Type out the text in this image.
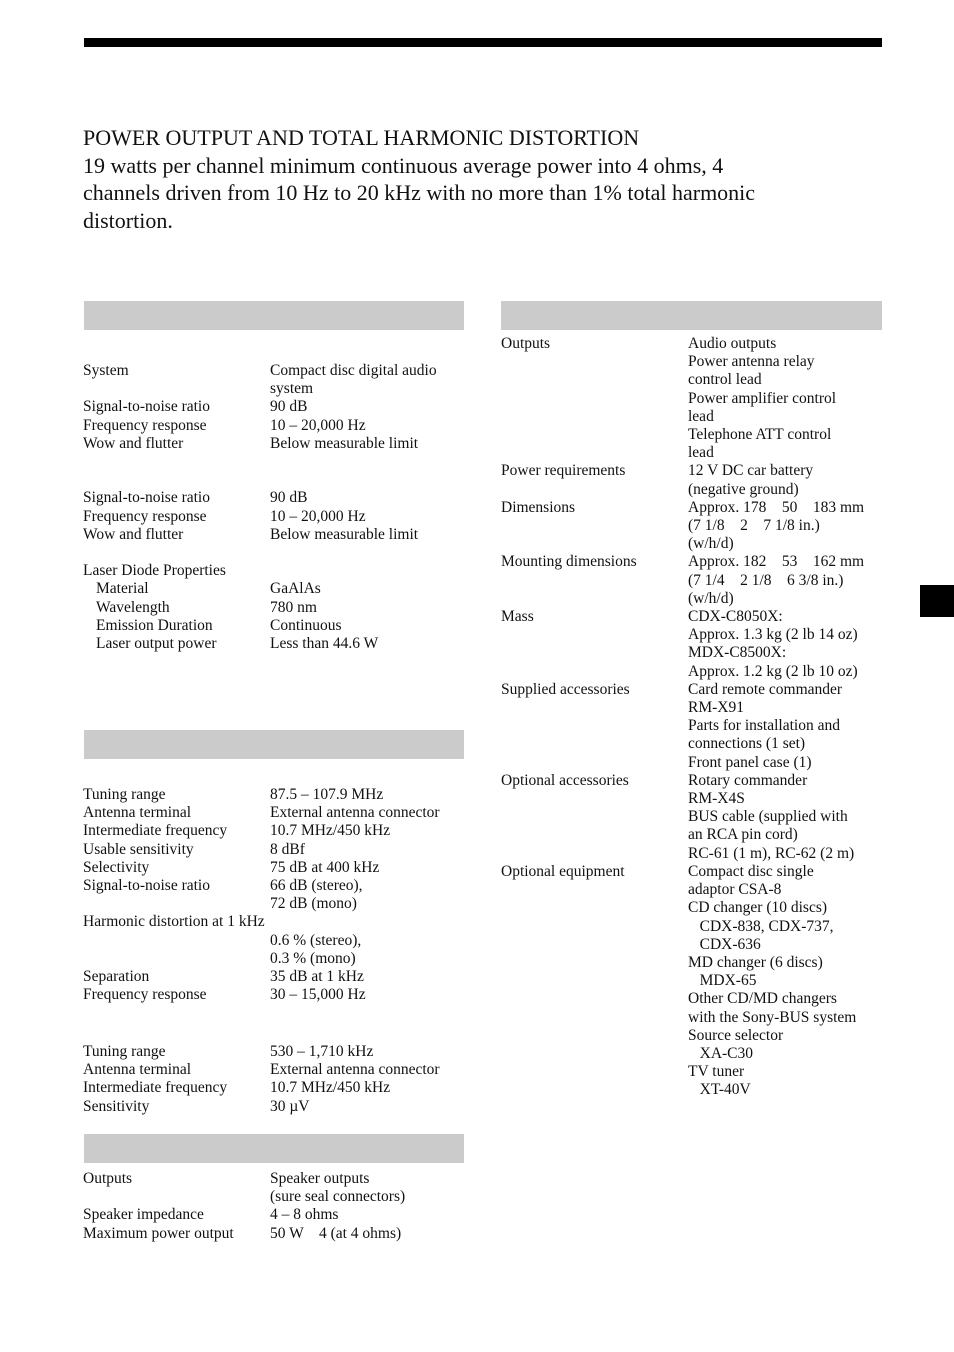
POWER OUTPUT AND TOTAL HARMONIC DISTORTION
19 watts per channel minimum continuous average power into 4 ohms, 4
channels driven from 10 Hz to 20 kHz with no more than 1% total harmonic
distortion.
System	Compact disc digital audio
system
Signal-to-noise ratio	90 dB
Frequency response	10 – 20,000 Hz
Wow and flutter	Below measurable limit
Signal-to-noise ratio	90 dB
Frequency response	10 – 20,000 Hz
Wow and flutter	Below measurable limit
Laser Diode Properties
Material	GaAlAs
Wavelength	780 nm
Emission Duration	Continuous
Laser output power	Less than 44.6 W
Tuning range	87.5 – 107.9 MHz
Antenna terminal	External antenna connector
Intermediate frequency	10.7 MHz/450 kHz
Usable sensitivity	8 dBf
Selectivity	75 dB at 400 kHz
Signal-to-noise ratio	66 dB (stereo),
72 dB (mono)
Harmonic distortion at 1 kHz
0.6 % (stereo),
0.3 % (mono)
Separation	35 dB at 1 kHz
Frequency response	30 – 15,000 Hz
Tuning range	530 – 1,710 kHz
Antenna terminal	External antenna connector
Intermediate frequency	10.7 MHz/450 kHz
Sensitivity	30 µV
Outputs	Speaker outputs
(sure seal connectors)
Speaker impedance	4 – 8 ohms
Maximum power output	50 W    4 (at 4 ohms)
Outputs	Audio outputs
Power antenna relay
control lead
Power amplifier control
lead
Telephone ATT control
lead
Power requirements	12 V DC car battery
(negative ground)
Dimensions	Approx. 178    50    183 mm
(7 1/8    2    7 1/8 in.)
(w/h/d)
Mounting dimensions	Approx. 182    53    162 mm
(7 1/4    2 1/8    6 3/8 in.)
(w/h/d)
Mass	CDX-C8050X:
Approx. 1.3 kg (2 lb 14 oz)
MDX-C8500X:
Approx. 1.2 kg (2 lb 10 oz)
Supplied accessories	Card remote commander
RM-X91
Parts for installation and
connections (1 set)
Front panel case (1)
Optional accessories	Rotary commander
RM-X4S
BUS cable (supplied with
an RCA pin cord)
RC-61 (1 m), RC-62 (2 m)
Optional equipment	Compact disc single
adaptor CSA-8
CD changer (10 discs)
CDX-838, CDX-737,
CDX-636
MD changer (6 discs)
MDX-65
Other CD/MD changers
with the Sony-BUS system
Source selector
XA-C30
TV tuner
XT-40V
